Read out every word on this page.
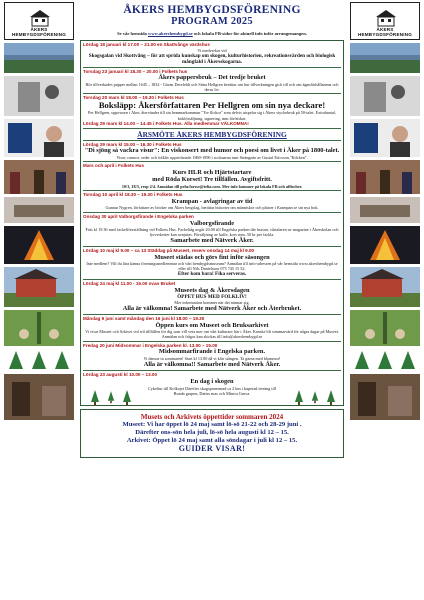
ÅKERS HEMBYGDSFÖRENING
ÅKERS HEMBYGDSFÖRENING
ÅKERS HEMBYGDSFÖRENING
PROGRAM 2025
Se vår hemsida www.akershembygd.se och lokala FB-sidor för aktuell info inför arrangemangen.
Lördag 18 januari kl 17.00 – 21.00 en Skattvångs värdshus
Vi medverkar vid
Skogsgalan vid Skottvång – för att sprida kunskap om skogen, kulturhistorien, rekreationsvärden och biologisk mångfald i Åkersskogarna.
Torsdag 23 januari kl 18.30 – 20.00 i Folkets hus
Åkers pappersbruk – Det tredje bruket
Hör tillverkades papper mellan 1645 – 1832 - Göran Derefeldt och Stina Hellgren berättar om hur tillverkningen gick till och om äganförhållanena och deras liv.
Torsdag 20 mars kl 18.00 – 19.30 i Folkets Hus
Boksläpp: Åkersförfattaren Per Hellgren om sin nya deckare!
Per Hellgren, uppvuxen i Åker, återvänder till sin hemmarkommun "Tre flickor" som delvis utspelar sig i Åkers styckebruk på 50-talet. Extrahantal, bokförsäljning, signering, mm förfriskar.
Lördag 29 mars kl 14.00 – 14.45 i Folkets Hus. Alla medlemmar VÄLKOMNA!
ÅRSMÖTE ÅKERS HEMBYGDSFÖRENING
Lördag 29 mars kl 15.00 – 16.30 i Folkets Hus
"Di sjöng så vackra visur": En viskonsert med humor och poesi om livet i Åker på 1800-talet.
Visor, ramsor, seder och folkliv upptecknade 1860-1890 i socknarna runt Strängnäs av Gustaf Ericsson,"Kilcken".
Mars och april i Folkets Hus
Kurs HLR och Hjärtstartare
med Röda Korset! Tre tillfällen. Avgiftsfritt.
10/3, 18/3, resp 2/4. Anmälan till pehr.forsse@telia.com. Mer info kommer på lokala FB och affischer.
Torsdag 10 april kl 18.30 – 19.30 i Folkets Hus
Krampan - avlagringar av tid
Gunnar Nygren, författare av böcker om Åkers bergslag, berättar historier om människor och platser i Krampan se sin nya bok.
Onsdag 30 april Valborgsfirande i Engelska parken
Valborgsfirande
Fräs kl 19.30 med fackelföreställning vid Folkets Hus. Fackeltåg avgår 20.00 till Engelska parken där brasan, vårtalaren av magazine i Åkerskolan och fyrverkerier kan avnjutas. Försäljning av kaffe, korv mm. 50 kr per fackla.
Samarbete med Nätverk Åker.
Lördag 10 maj kl 9.00 – ca 13 Städdag på Museet, reserv onsdag 14 maj kl 9.00
Museet städas och görs fint inför säsongen
Inte medlem? Vill du lära känna föreningsmedlemmar och vårt hembygdsmuseum? Anmälan till info-adressen på vår hemsida www.akershembygd.se eller till Nils Danielsson 073 745 15 52.
Efter kom bara! Fika serveras.
Lördag 24 maj kl 11.00 - 15.00 ovan Bruket
Museets dag & Åkersdagen
ÖPPET HUS MED FOLKLIV!
Mer information kommer när det närmar sig.
Alla är välkomna! Samarbete med Nätverk Åker och Återbruket.
Måndag 9 juni samt måndag den 16 juni kl 18.00 – 19.30
Öppen kurs om Museet och Bruksarkivet
Vi visar Museet och Arkivet vid två tillfällen för dig som vill veta mer om vårt kulturarv här i Åker. Kanske bli sommarvärd för några dagar på Museet. Anmälan och frågor kan skickas till info@akershembygd.se
Fredag 20 juni Midsommar i Engelska parken kl. 13.00 – 15.00
Midsommarfirande i Engelska parken.
Vi dansar in sommaren! Start kl 13.00 då vi klär stången. Ta gärna med blommor!
Alla är välkomna!! Samarbete med Nätverk Åker.
Lördag 23 augusti kl 10.00 – 13.00
En dag i skogen
Cykeltur till Kolkojet Därefter skogspromenad ca 2 km i kuperad terräng till Runda grupen, Dattes mas och Mästra Gruva.
Musets och Arkivets öppettider sommaren 2024
Museet: Vi har öppet lö 24 maj samt lö-sö 21-22 och 28-29 juni .
Därefter ons-sön hela juli, lö-sö hela augusti kl 12 – 15.
Arkivet: Öppet lö 24 maj samt alla söndagar i juli kl 12 – 15.
GUIDER VISAR!
